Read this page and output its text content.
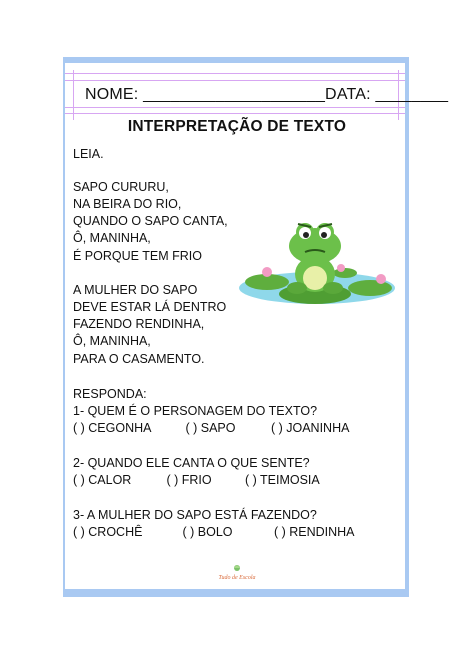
NOME: ____________________DATA: ________
INTERPRETAÇÃO DE TEXTO
LEIA.
SAPO CURURU,
NA BEIRA DO RIO,
QUANDO O SAPO CANTA,
Ô, MANINHA,
É PORQUE TEM FRIO
A MULHER DO SAPO
DEVE ESTAR LÁ DENTRO
FAZENDO RENDINHA,
Ô, MANINHA,
PARA O CASAMENTO.
RESPONDA:
1- QUEM É O PERSONAGEM DO TEXTO?
( ) CEGONHA	( ) SAPO	( ) JOANINHA
2- QUANDO ELE CANTA O QUE SENTE?
( ) CALOR	( ) FRIO	( ) TEIMOSIA
3- A MULHER DO SAPO ESTÁ FAZENDO?
( ) CROCHÊ	( ) BOLO	( ) RENDINHA
Tudo de Escola
